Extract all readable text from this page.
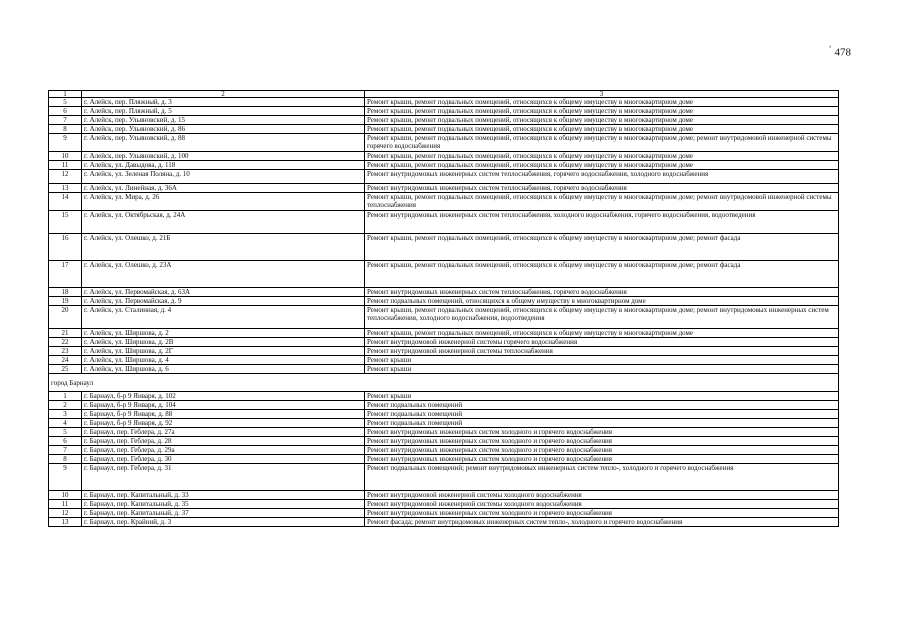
‘ 478
1	2	3
5	г. Алейск, пер. Пляжный, д. 3	Ремонт крыши, ремонт подвальных помещений, относящихся к общему имуществу в многоквартирном доме
6	г. Алейск, пер. Пляжный, д. 5	Ремонт крыши, ремонт подвальных помещений, относящихся к общему имуществу в многоквартирном доме
7	г. Алейск, пер. Ульяновский, д. 15	Ремонт крыши, ремонт подвальных помещений, относящихся к общему имуществу в многоквартирном доме
8	г. Алейск, пер. Ульяновский, д. 86	Ремонт крыши, ремонт подвальных помещений, относящихся к общему имуществу в многоквартирном доме
9	г. Алейск, пер. Ульяновский, д. 88	Ремонт крыши, ремонт подвальных помещений, относящихся к общему имуществу в многоквартирном доме; ремонт внутридомовой инженерной системы горячего водоснабжения
10	г. Алейск, пер. Ульяновский, д. 100	Ремонт крыши, ремонт подвальных помещений, относящихся к общему имуществу в многоквартирном доме
11	г. Алейск, ул. Давыдова, д. 118	Ремонт крыши, ремонт подвальных помещений, относящихся к общему имуществу в многоквартирном доме
12	г. Алейск, ул. Зеленая Поляна, д. 10	Ремонт внутридомовых инженерных систем теплоснабжения, горячего водоснабжения, холодного водоснабжения
13	г. Алейск, ул. Линейная, д. 36А	Ремонт внутридомовых инженерных систем теплоснабжения, горячего водоснабжения
14	г. Алейск, ул. Мира, д. 26	Ремонт крыши, ремонт подвальных помещений, относящихся к общему имуществу в многоквартирном доме; ремонт внутридомовой инженерной системы теплоснабжения
15	г. Алейск, ул. Октябрьская, д. 24А	Ремонт внутридомовых инженерных систем теплоснабжения, холодного водоснабжения, горячего водоснабжения, водоотведения
16	г. Алейск, ул. Олешко, д. 21Б	Ремонт крыши, ремонт подвальных помещений, относящихся к общему имуществу в многоквартирном доме; ремонт фасада
17	г. Алейск, ул. Олешко, д. 23А	Ремонт крыши, ремонт подвальных помещений, относящихся к общему имуществу в многоквартирном доме; ремонт фасада
18	г. Алейск, ул. Первомайская, д. 63А	Ремонт внутридомовых инженерных систем теплоснабжения, горячего водоснабжения
19	г. Алейск, ул. Первомайская, д. 9	Ремонт подвальных помещений, относящихся к общему имуществу в многоквартирном доме
20	г. Алейск, ул. Сталинная, д. 4	Ремонт крыши, ремонт подвальных помещений, относящихся к общему имуществу в многоквартирном доме; ремонт внутридомовых инженерных систем теплоснабжения, холодного водоснабжения, водоотведения
21	г. Алейск, ул. Ширшова, д. 2	Ремонт крыши, ремонт подвальных помещений, относящихся к общему имуществу в многоквартирном доме
22	г. Алейск, ул. Ширшова, д. 2В	Ремонт внутридомовой инженерной системы горячего водоснабжения
23	г. Алейск, ул. Ширшова, д. 2Г	Ремонт внутридомовой инженерной системы теплоснабжения
24	г. Алейск, ул. Ширшова, д. 4	Ремонт крыши
25	г. Алейск, ул. Ширшова, д. 6	Ремонт крыши
город Барнаул		
1	г. Барнаул, б-р 9 Января, д. 102	Ремонт крыши
2	г. Барнаул, б-р 9 Января, д. 104	Ремонт подвальных помещений
3	г. Барнаул, б-р 9 Января, д. 88	Ремонт подвальных помещений
4	г. Барнаул, б-р 9 Января, д. 92	Ремонт подвальных помещений
5	г. Барнаул, пер. Геблера, д. 27а	Ремонт внутридомовых инженерных систем холодного и горячего водоснабжения
6	г. Барнаул, пер. Геблера, д. 28	Ремонт внутридомовых инженерных систем холодного и горячего водоснабжения
7	г. Барнаул, пер. Геблера, д. 29а	Ремонт внутридомовых инженерных систем холодного и горячего водоснабжения
8	г. Барнаул, пер. Геблера, д. 30	Ремонт внутридомовых инженерных систем холодного и горячего водоснабжения
9	г. Барнаул, пер. Геблера, д. 31	Ремонт подвальных помещений; ремонт внутридомовых инженерных систем тепло-, холодного и горячего водоснабжения
10	г. Барнаул, пер. Капитальный, д. 33	Ремонт внутридомовой инженерной системы холодного водоснабжения
11	г. Барнаул, пер. Капитальный, д. 35	Ремонт внутридомовой инженерной системы холодного водоснабжения
12	г. Барнаул, пер. Капитальный, д. 37	Ремонт внутридомовых инженерных систем холодного и горячего водоснабжения
13	г. Барнаул, пер. Крайний, д. 3	Ремонт фасада; ремонт внутридомовых инженерных систем тепло-, холодного и горячего водоснабжения
